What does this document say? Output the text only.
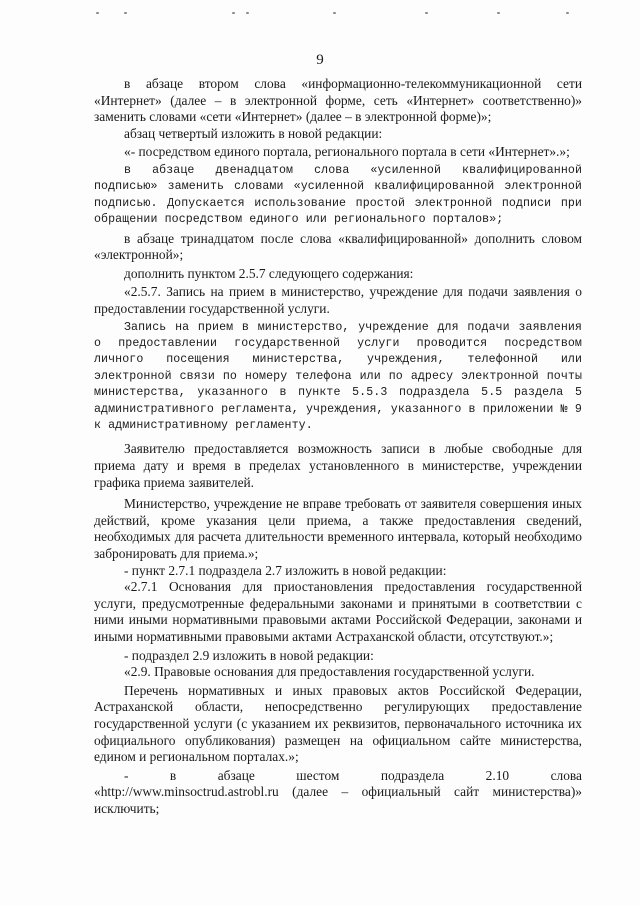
9

в абзаце втором слова «информационно-телекоммуникационной сети «Интернет» (далее – в электронной форме, сеть «Интернет» соответственно)» заменить словами «сети «Интернет» (далее – в электронной форме)»;

абзац четвертый изложить в новой редакции:

«- посредством единого портала, регионального портала в сети «Интернет».»;

в абзаце двенадцатом слова «усиленной квалифицированной подписью» заменить словами «усиленной квалифицированной электронной подписью. Допускается использование простой электронной подписи при обращении посредством единого или регионального порталов»;

в абзаце тринадцатом после слова «квалифицированной» дополнить словом «электронной»;

дополнить пунктом 2.5.7 следующего содержания:

«2.5.7. Запись на прием в министерство, учреждение для подачи заявления о предоставлении государственной услуги.

Запись на прием в министерство, учреждение для подачи заявления о предоставлении государственной услуги проводится посредством личного посещения министерства, учреждения, телефонной или электронной связи по номеру телефона или по адресу электронной почты министерства, указанного в пункте 5.5.3 подраздела 5.5 раздела 5 административного регламента, учреждения, указанного в приложении № 9 к административному регламенту.

Заявителю предоставляется возможность записи в любые свободные для приема дату и время в пределах установленного в министерстве, учреждении графика приема заявителей.

Министерство, учреждение не вправе требовать от заявителя совершения иных действий, кроме указания цели приема, а также предоставления сведений, необходимых для расчета длительности временного интервала, который необходимо забронировать для приема.»;

- пункт 2.7.1 подраздела 2.7 изложить в новой редакции:

«2.7.1 Основания для приостановления предоставления государственной услуги, предусмотренные федеральными законами и принятыми в соответствии с ними иными нормативными правовыми актами Российской Федерации, законами и иными нормативными правовыми актами Астраханской области, отсутствуют.»;

- подраздел 2.9 изложить в новой редакции:

«2.9. Правовые основания для предоставления государственной услуги.

Перечень нормативных и иных правовых актов Российской Федерации, Астраханской области, непосредственно регулирующих предоставление государственной услуги (с указанием их реквизитов, первоначального источника их официального опубликования) размещен на официальном сайте министерства, едином и региональном порталах.»;

- в абзаце шестом подраздела 2.10 слова

«http://www.minsoctrud.astrobl.ru (далее – официальный сайт министерства)» исключить;
